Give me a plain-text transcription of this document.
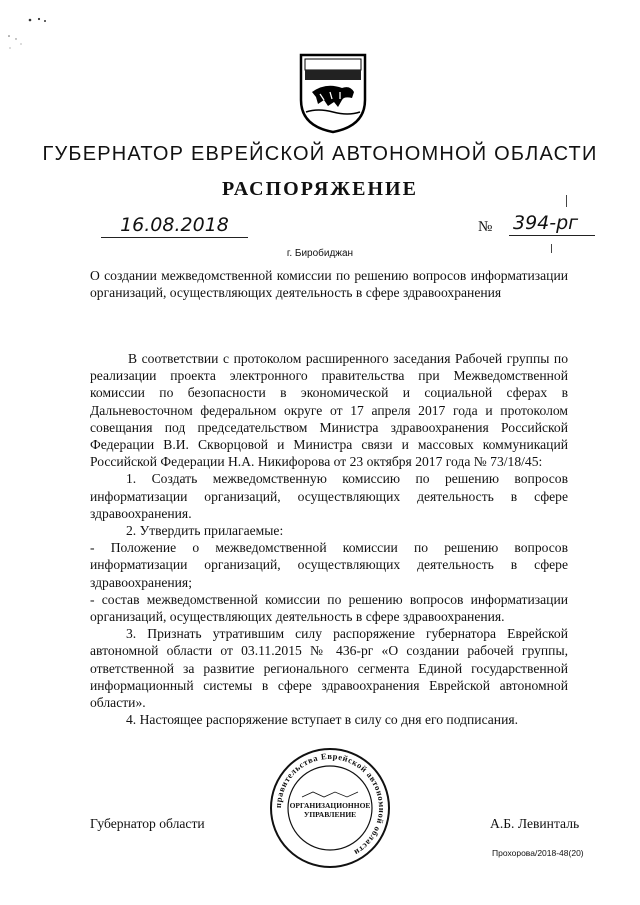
ГУБЕРНАТОР ЕВРЕЙСКОЙ АВТОНОМНОЙ ОБЛАСТИ
РАСПОРЯЖЕНИЕ
16.08.2018	№ 394-рг
г. Биробиджан
О создании межведомственной комиссии по решению вопросов информатизации организаций, осуществляющих деятельность в сфере здравоохранения

В соответствии с протоколом расширенного заседания Рабочей группы по реализации проекта электронного правительства при Межведомственной комиссии по безопасности в экономической и социальной сферах в Дальневосточном федеральном округе от 17 апреля 2017 года и протоколом совещания под председательством Министра здравоохранения Российской Федерации В.И. Скворцовой и Министра связи и массовых коммуникаций Российской Федерации Н.А. Никифорова от 23 октября 2017 года № 73/18/45:

1. Создать межведомственную комиссию по решению вопросов информатизации организаций, осуществляющих деятельность в сфере здравоохранения.

2. Утвердить прилагаемые:

- Положение о межведомственной комиссии по решению вопросов информатизации организаций, осуществляющих деятельность в сфере здравоохранения;

- состав межведомственной комиссии по решению вопросов информатизации организаций, осуществляющих деятельность в сфере здравоохранения.

3. Признать утратившим силу распоряжение губернатора Еврейской автономной области от 03.11.2015 № 436-рг «О создании рабочей группы, ответственной за развитие регионального сегмента Единой государственной информационный системы в сфере здравоохранения Еврейской автономной области».

4. Настоящее распоряжение вступает в силу со дня его подписания.

Губернатор области
правительства Еврейской автономной области
ОРГАНИЗАЦИОННОЕ
УПРАВЛЕНИЕ
А.Б. Левинталь
Прохорова/2018-48(20)
